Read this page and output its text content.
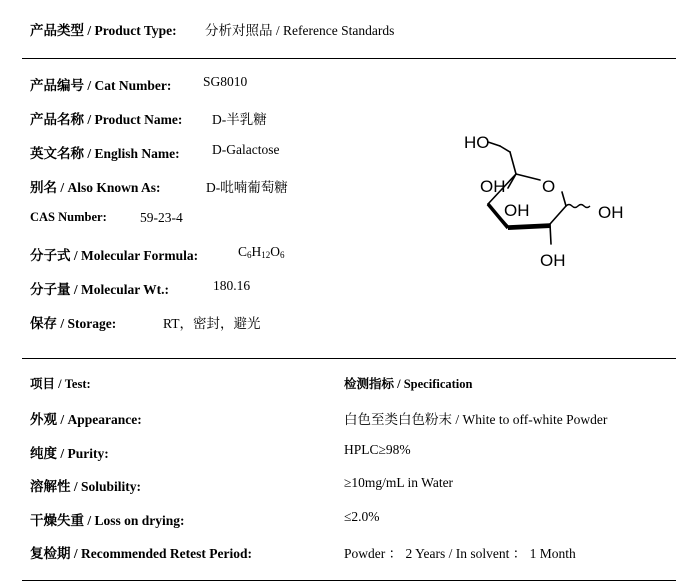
产品类型 / Product Type: 分析对照品 / Reference Standards
产品编号 / Cat Number: SG8010
产品名称 / Product Name: D-半乳糖
英文名称 / English Name: D-Galactose
别名 / Also Known As:	D-吡喃葡萄糖
CAS Number: 59-23-4
分子式 / Molecular Formula:	$C_6H_{12}O_6$
分子量 / Molecular Wt.:	180.16
保存 / Storage:	RT，密封，避光
HO
OH O
OH	OH
OH
项目 / Test:	检测指标 / Specification
外观 / Appearance:	白色至类白色粉末 / White to off-white Powder
纯度 / Purity:	HPLC≥98%
溶解性 / Solubility:	≥10mg/mL in Water
干燥失重 / Loss on drying:	≤2.0%
复检期 / Recommended Retest Period:	Powder ： 2 Years / In solvent ： 1 Month
